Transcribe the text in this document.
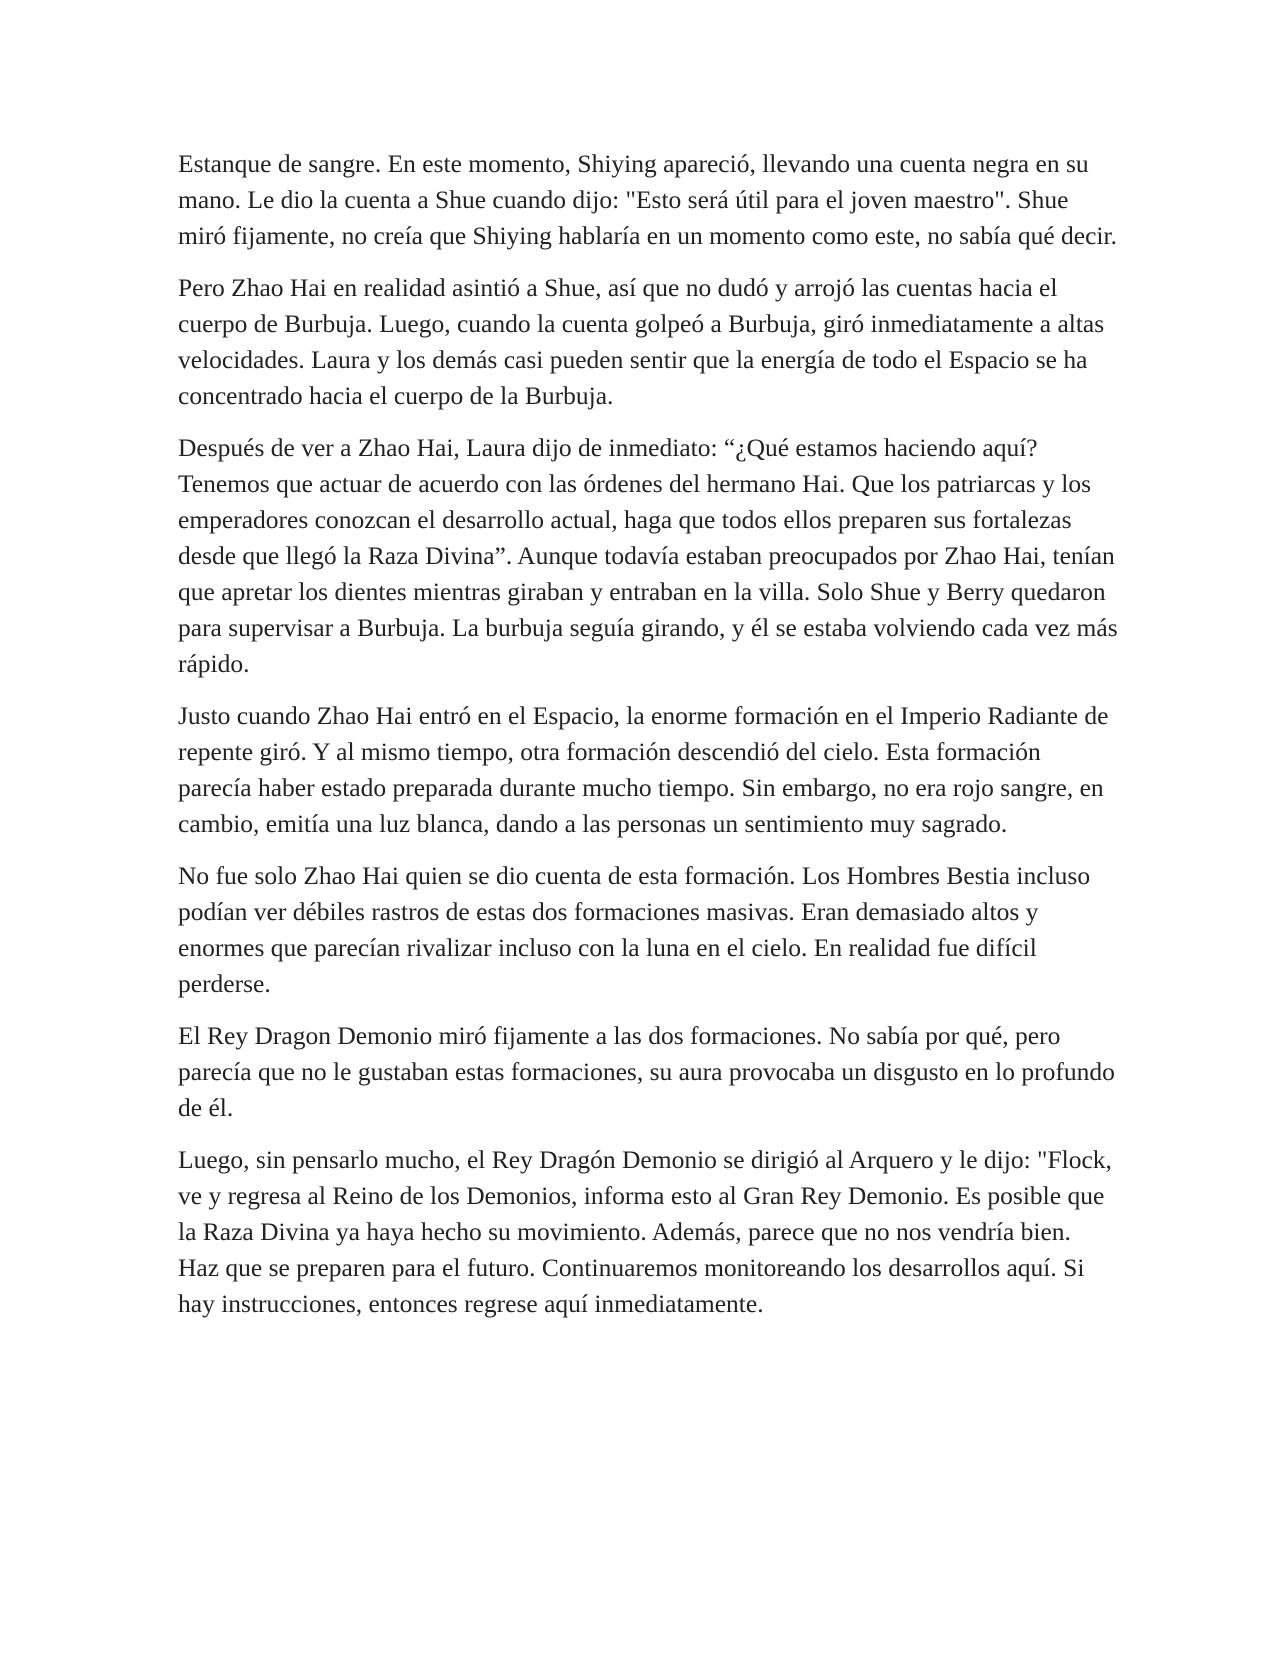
Estanque de sangre. En este momento, Shiying apareció, llevando una cuenta negra en su mano. Le dio la cuenta a Shue cuando dijo: "Esto será útil para el joven maestro". Shue miró fijamente, no creía que Shiying hablaría en un momento como este, no sabía qué decir.

Pero Zhao Hai en realidad asintió a Shue, así que no dudó y arrojó las cuentas hacia el cuerpo de Burbuja. Luego, cuando la cuenta golpeó a Burbuja, giró inmediatamente a altas velocidades. Laura y los demás casi pueden sentir que la energía de todo el Espacio se ha concentrado hacia el cuerpo de la Burbuja.

Después de ver a Zhao Hai, Laura dijo de inmediato: “¿Qué estamos haciendo aquí? Tenemos que actuar de acuerdo con las órdenes del hermano Hai. Que los patriarcas y los emperadores conozcan el desarrollo actual, haga que todos ellos preparen sus fortalezas desde que llegó la Raza Divina”. Aunque todavía estaban preocupados por Zhao Hai, tenían que apretar los dientes mientras giraban y entraban en la villa. Solo Shue y Berry quedaron para supervisar a Burbuja. La burbuja seguía girando, y él se estaba volviendo cada vez más rápido.

Justo cuando Zhao Hai entró en el Espacio, la enorme formación en el Imperio Radiante de repente giró. Y al mismo tiempo, otra formación descendió del cielo. Esta formación parecía haber estado preparada durante mucho tiempo. Sin embargo, no era rojo sangre, en cambio, emitía una luz blanca, dando a las personas un sentimiento muy sagrado.

No fue solo Zhao Hai quien se dio cuenta de esta formación. Los Hombres Bestia incluso podían ver débiles rastros de estas dos formaciones masivas. Eran demasiado altos y enormes que parecían rivalizar incluso con la luna en el cielo. En realidad fue difícil perderse.

El Rey Dragon Demonio miró fijamente a las dos formaciones. No sabía por qué, pero parecía que no le gustaban estas formaciones, su aura provocaba un disgusto en lo profundo de él.

Luego, sin pensarlo mucho, el Rey Dragón Demonio se dirigió al Arquero y le dijo: "Flock, ve y regresa al Reino de los Demonios, informa esto al Gran Rey Demonio. Es posible que la Raza Divina ya haya hecho su movimiento. Además, parece que no nos vendría bien. Haz que se preparen para el futuro. Continuaremos monitoreando los desarrollos aquí. Si hay instrucciones, entonces regrese aquí inmediatamente.
